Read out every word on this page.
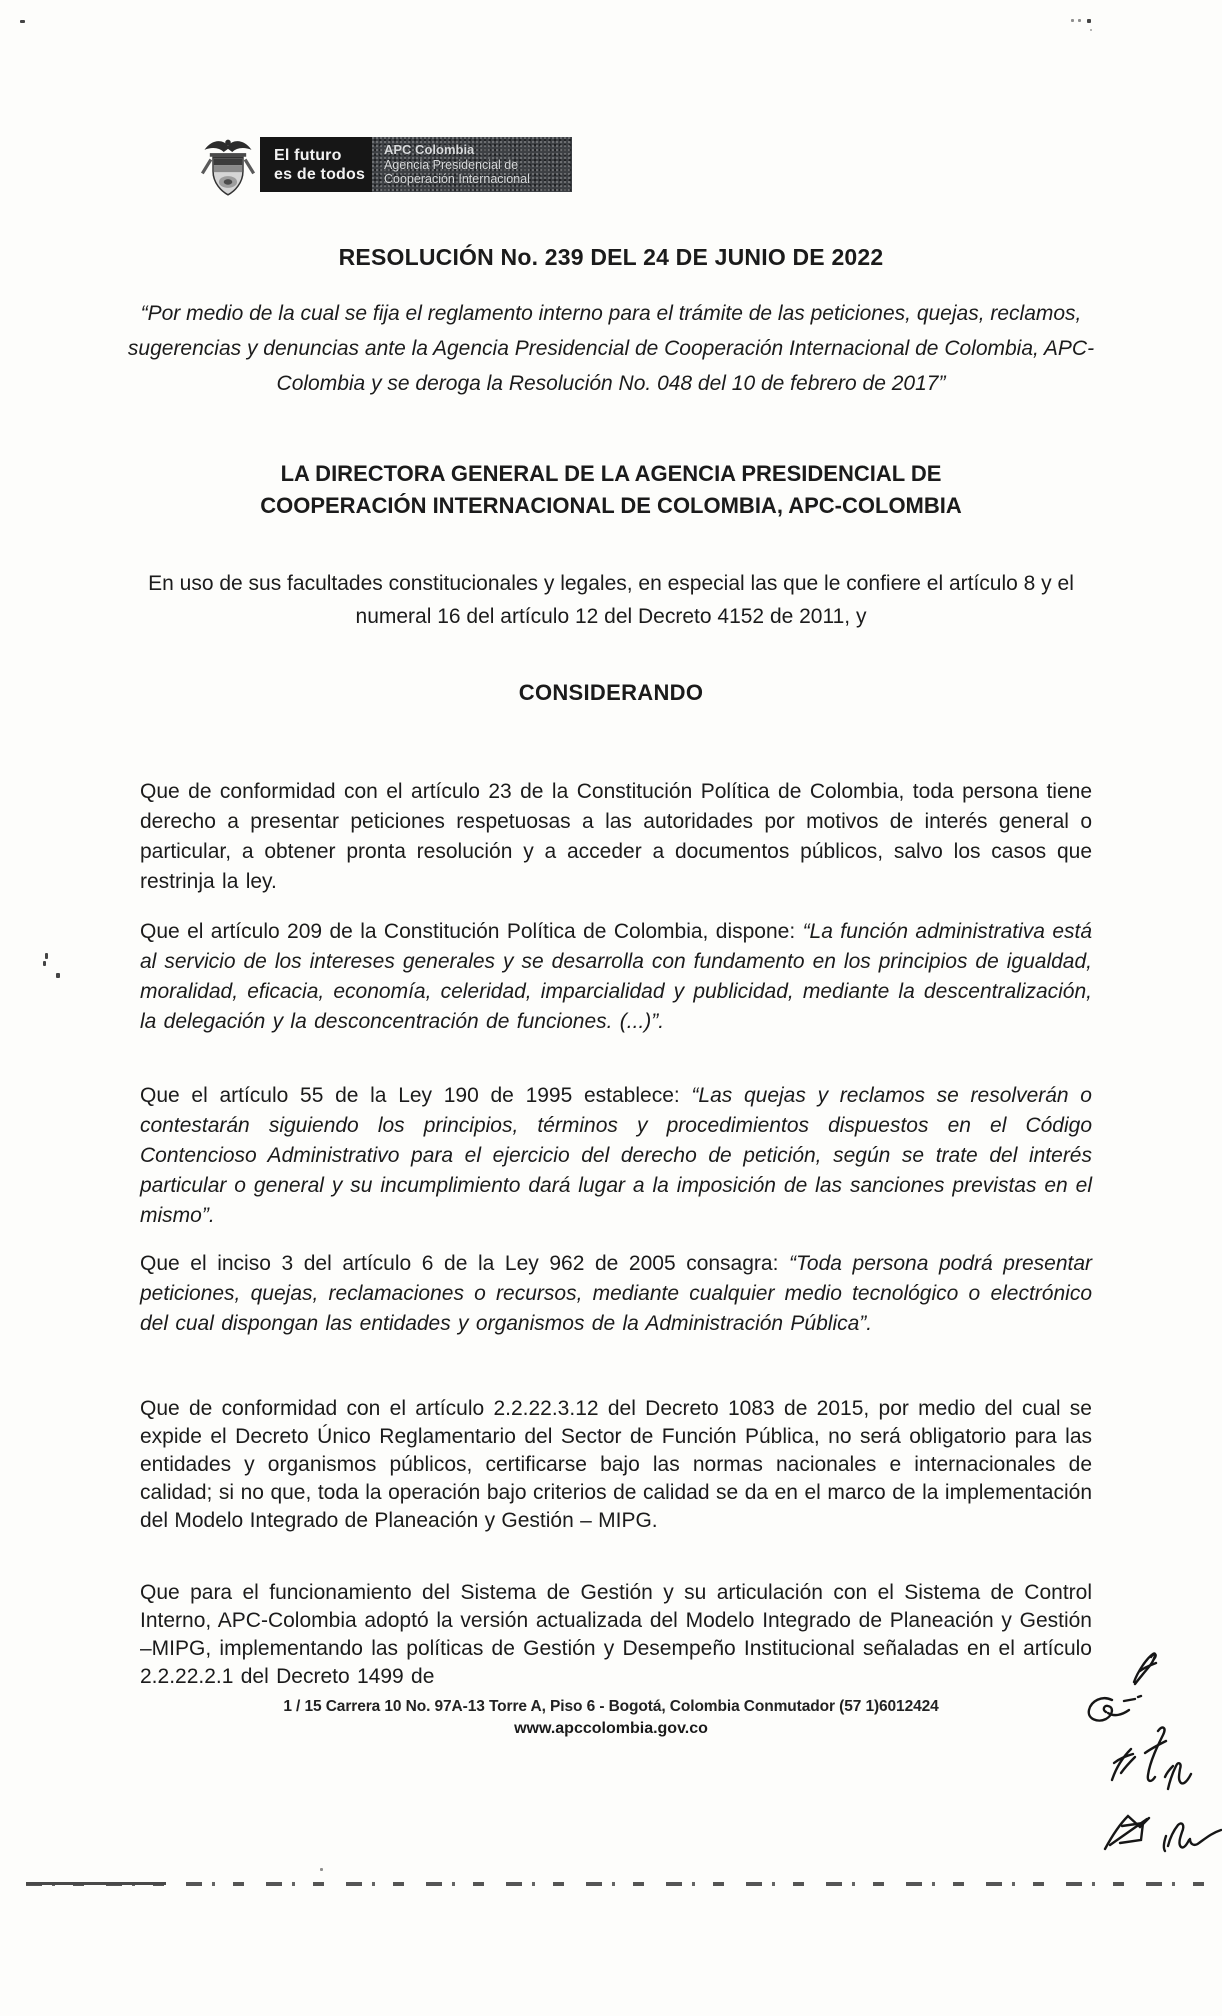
El futuro
es de todos
APC Colombia
Agencia Presidencial de
Cooperación Internacional
RESOLUCIÓN No. 239 DEL 24 DE JUNIO DE 2022
“Por medio de la cual se fija el reglamento interno para el trámite de las peticiones, quejas, reclamos, sugerencias y denuncias ante la Agencia Presidencial de Cooperación Internacional de Colombia, APC-Colombia y se deroga la Resolución No. 048 del 10 de febrero de 2017”
LA DIRECTORA GENERAL DE LA AGENCIA PRESIDENCIAL DE COOPERACIÓN INTERNACIONAL DE COLOMBIA, APC-COLOMBIA
En uso de sus facultades constitucionales y legales, en especial las que le confiere el artículo 8 y el numeral 16 del artículo 12 del Decreto 4152 de 2011, y
CONSIDERANDO

Que de conformidad con el artículo 23 de la Constitución Política de Colombia, toda persona tiene derecho a presentar peticiones respetuosas a las autoridades por motivos de interés general o particular, a obtener pronta resolución y a acceder a documentos públicos, salvo los casos que restrinja la ley.

Que el artículo 209 de la Constitución Política de Colombia, dispone: “La función administrativa está al servicio de los intereses generales y se desarrolla con fundamento en los principios de igualdad, moralidad, eficacia, economía, celeridad, imparcialidad y publicidad, mediante la descentralización, la delegación y la desconcentración de funciones. (...)”.

Que el artículo 55 de la Ley 190 de 1995 establece: “Las quejas y reclamos se resolverán o contestarán siguiendo los principios, términos y procedimientos dispuestos en el Código Contencioso Administrativo para el ejercicio del derecho de petición, según se trate del interés particular o general y su incumplimiento dará lugar a la imposición de las sanciones previstas en el mismo”.

Que el inciso 3 del artículo 6 de la Ley 962 de 2005 consagra: “Toda persona podrá presentar peticiones, quejas, reclamaciones o recursos, mediante cualquier medio tecnológico o electrónico del cual dispongan las entidades y organismos de la Administración Pública”.

Que de conformidad con el artículo 2.2.22.3.12 del Decreto 1083 de 2015, por medio del cual se expide el Decreto Único Reglamentario del Sector de Función Pública, no será obligatorio para las entidades y organismos públicos, certificarse bajo las normas nacionales e internacionales de calidad; si no que, toda la operación bajo criterios de calidad se da en el marco de la implementación del Modelo Integrado de Planeación y Gestión – MIPG.

Que para el funcionamiento del Sistema de Gestión y su articulación con el Sistema de Control Interno, APC-Colombia adoptó la versión actualizada del Modelo Integrado de Planeación y Gestión –MIPG, implementando las políticas de Gestión y Desempeño Institucional señaladas en el artículo 2.2.22.2.1 del Decreto 1499 de

1 / 15 Carrera 10 No. 97A-13 Torre A, Piso 6 - Bogotá, Colombia Conmutador (57 1)6012424
www.apccolombia.gov.co
